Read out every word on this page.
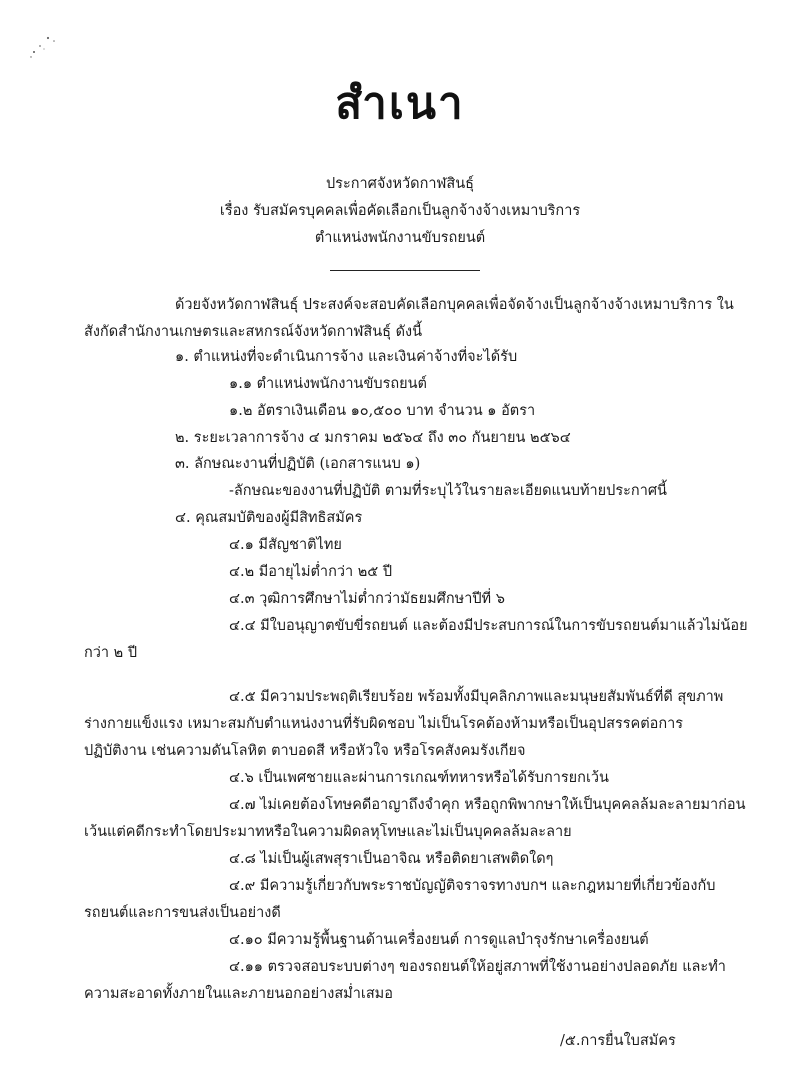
สำเนา
ประกาศจังหวัดกาฬสินธุ์
เรื่อง รับสมัครบุคคลเพื่อคัดเลือกเป็นลูกจ้างจ้างเหมาบริการ
ตำแหน่งพนักงานขับรถยนต์
ด้วยจังหวัดกาฬสินธุ์ ประสงค์จะสอบคัดเลือกบุคคลเพื่อจัดจ้างเป็นลูกจ้างจ้างเหมาบริการ ใน
สังกัดสำนักงานเกษตรและสหกรณ์จังหวัดกาฬสินธุ์ ดังนี้
๑. ตำแหน่งที่จะดำเนินการจ้าง และเงินค่าจ้างที่จะได้รับ
๑.๑ ตำแหน่งพนักงานขับรถยนต์
๑.๒ อัตราเงินเดือน ๑๐,๕๐๐ บาท จำนวน ๑ อัตรา
๒. ระยะเวลาการจ้าง ๔ มกราคม ๒๕๖๔ ถึง ๓๐ กันยายน ๒๕๖๔
๓. ลักษณะงานที่ปฏิบัติ (เอกสารแนบ ๑)
-ลักษณะของงานที่ปฏิบัติ ตามที่ระบุไว้ในรายละเอียดแนบท้ายประกาศนี้
๔. คุณสมบัติของผู้มีสิทธิสมัคร
๔.๑ มีสัญชาติไทย
๔.๒ มีอายุไม่ต่ำกว่า ๒๕ ปี
๔.๓ วุฒิการศึกษาไม่ต่ำกว่ามัธยมศึกษาปีที่ ๖
๔.๔ มีใบอนุญาตขับขี่รถยนต์ และต้องมีประสบการณ์ในการขับรถยนต์มาแล้วไม่น้อย
กว่า ๒ ปี
๔.๕ มีความประพฤติเรียบร้อย พร้อมทั้งมีบุคลิกภาพและมนุษยสัมพันธ์ที่ดี สุขภาพ
ร่างกายแข็งแรง เหมาะสมกับตำแหน่งงานที่รับผิดชอบ ไม่เป็นโรคต้องห้ามหรือเป็นอุปสรรคต่อการ
ปฏิบัติงาน เช่นความดันโลหิต ตาบอดสี หรือหัวใจ หรือโรคสังคมรังเกียจ
๔.๖ เป็นเพศชายและผ่านการเกณฑ์ทหารหรือได้รับการยกเว้น
๔.๗ ไม่เคยต้องโทษคดีอาญาถึงจำคุก หรือถูกพิพากษาให้เป็นบุคคลล้มละลายมาก่อน
เว้นแต่คดีกระทำโดยประมาทหรือในความผิดลหุโทษและไม่เป็นบุคคลล้มละลาย
๔.๘ ไม่เป็นผู้เสพสุราเป็นอาจิณ หรือติดยาเสพติดใดๆ
๔.๙ มีความรู้เกี่ยวกับพระราชบัญญัติจราจรทางบกฯ และกฎหมายที่เกี่ยวข้องกับ
รถยนต์และการขนส่งเป็นอย่างดี
๔.๑๐ มีความรู้พื้นฐานด้านเครื่องยนต์ การดูแลบำรุงรักษาเครื่องยนต์
๔.๑๑ ตรวจสอบระบบต่างๆ ของรถยนต์ให้อยู่สภาพที่ใช้งานอย่างปลอดภัย และทำ
ความสะอาดทั้งภายในและภายนอกอย่างสม่ำเสมอ
/๕.การยื่นใบสมัคร
